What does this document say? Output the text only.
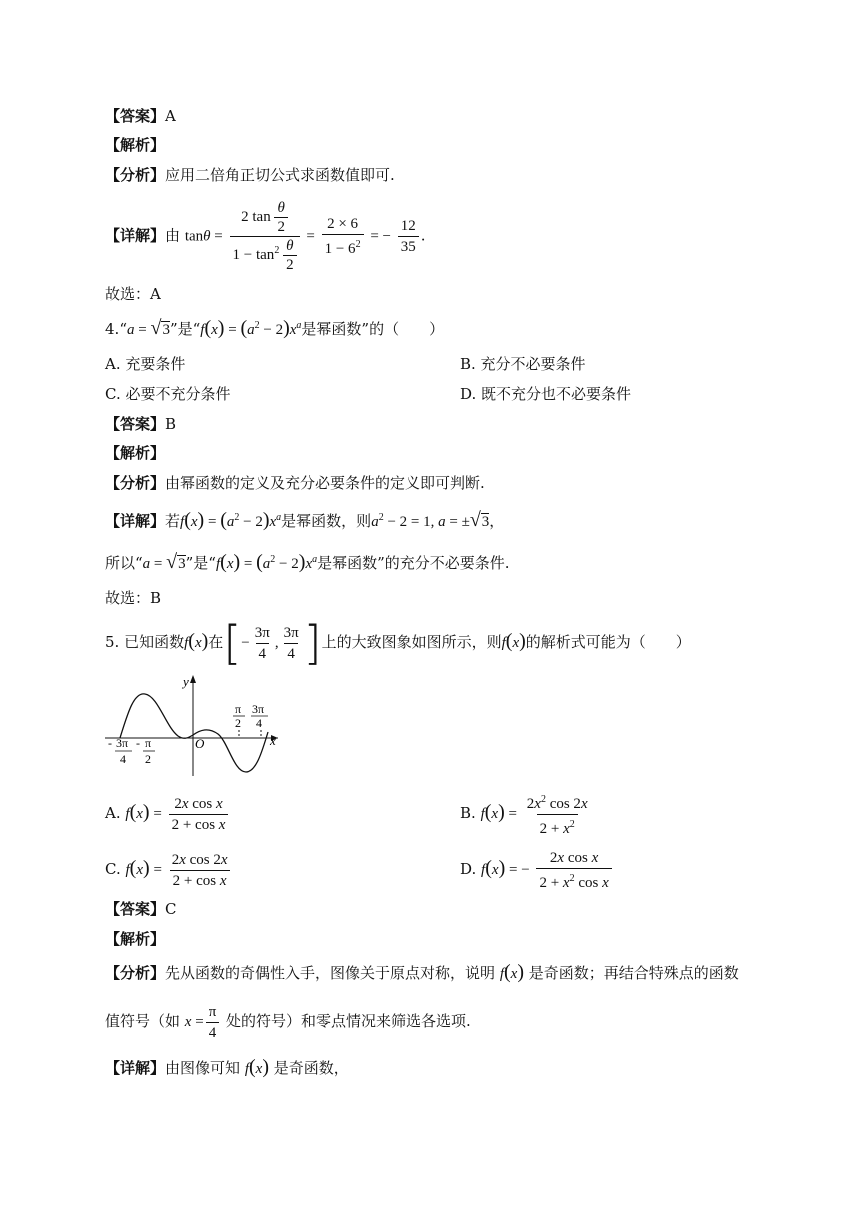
【答案】A
【解析】
【分析】应用二倍角正切公式求函数值即可.
【详解】由 $\tan\theta = \frac{2 \tan \frac{\theta}{2}}{1 - \tan^2 \frac{\theta}{2}} = \frac{2 \times 6}{1 - 6^2}$ = − $\frac{12}{35}$ .
故选：A
4.“a = √3”是“$f(x) = (a^2 - 2)x^a$是幂函数”的（　　）
A. 充要条件	B. 充分不必要条件
C. 必要不充分条件	D. 既不充分也不必要条件
【答案】B
【解析】
【分析】由幂函数的定义及充分必要条件的定义即可判断.
【详解】若$f(x) = (a^2 - 2)x^a$是幂函数，则$a^2 - 2 = 1$, a = ±√3，
所以“a = √3”是“$f(x) = (a^2 - 2)x^a$是幂函数”的充分不必要条件.
故选：B
5. 已知函数f(x)在[− $\frac{3\pi}{4}$ , $\frac{3\pi}{4}$ ]上的大致图象如图所示，则f(x)的解析式可能为（　　）
y
x
O
π
2
3π
4
- 3π
4
- π
2
A. $f(x) = \frac{\text{2x cos x}}{\text{2 + cos x}}$	B. $f(x) = \frac{2x^2 \cos 2x}{2 + x^2}$
C. $f(x) = \frac{\text{2x cos 2x}}{\text{2 + cos x}}$	D. f(x) = − $\frac{\text{2x cos x}}{2 + x^2 \cos x}$
【答案】C
【解析】
【分析】先从函数的奇偶性入手，图像关于原点对称，说明 f(x) 是奇函数；再结合特殊点的函数
值符号（如 $x = \frac{\pi}{4}$ 处的符号）和零点情况来筛选各选项.
【详解】由图像可知 f(x) 是奇函数，
